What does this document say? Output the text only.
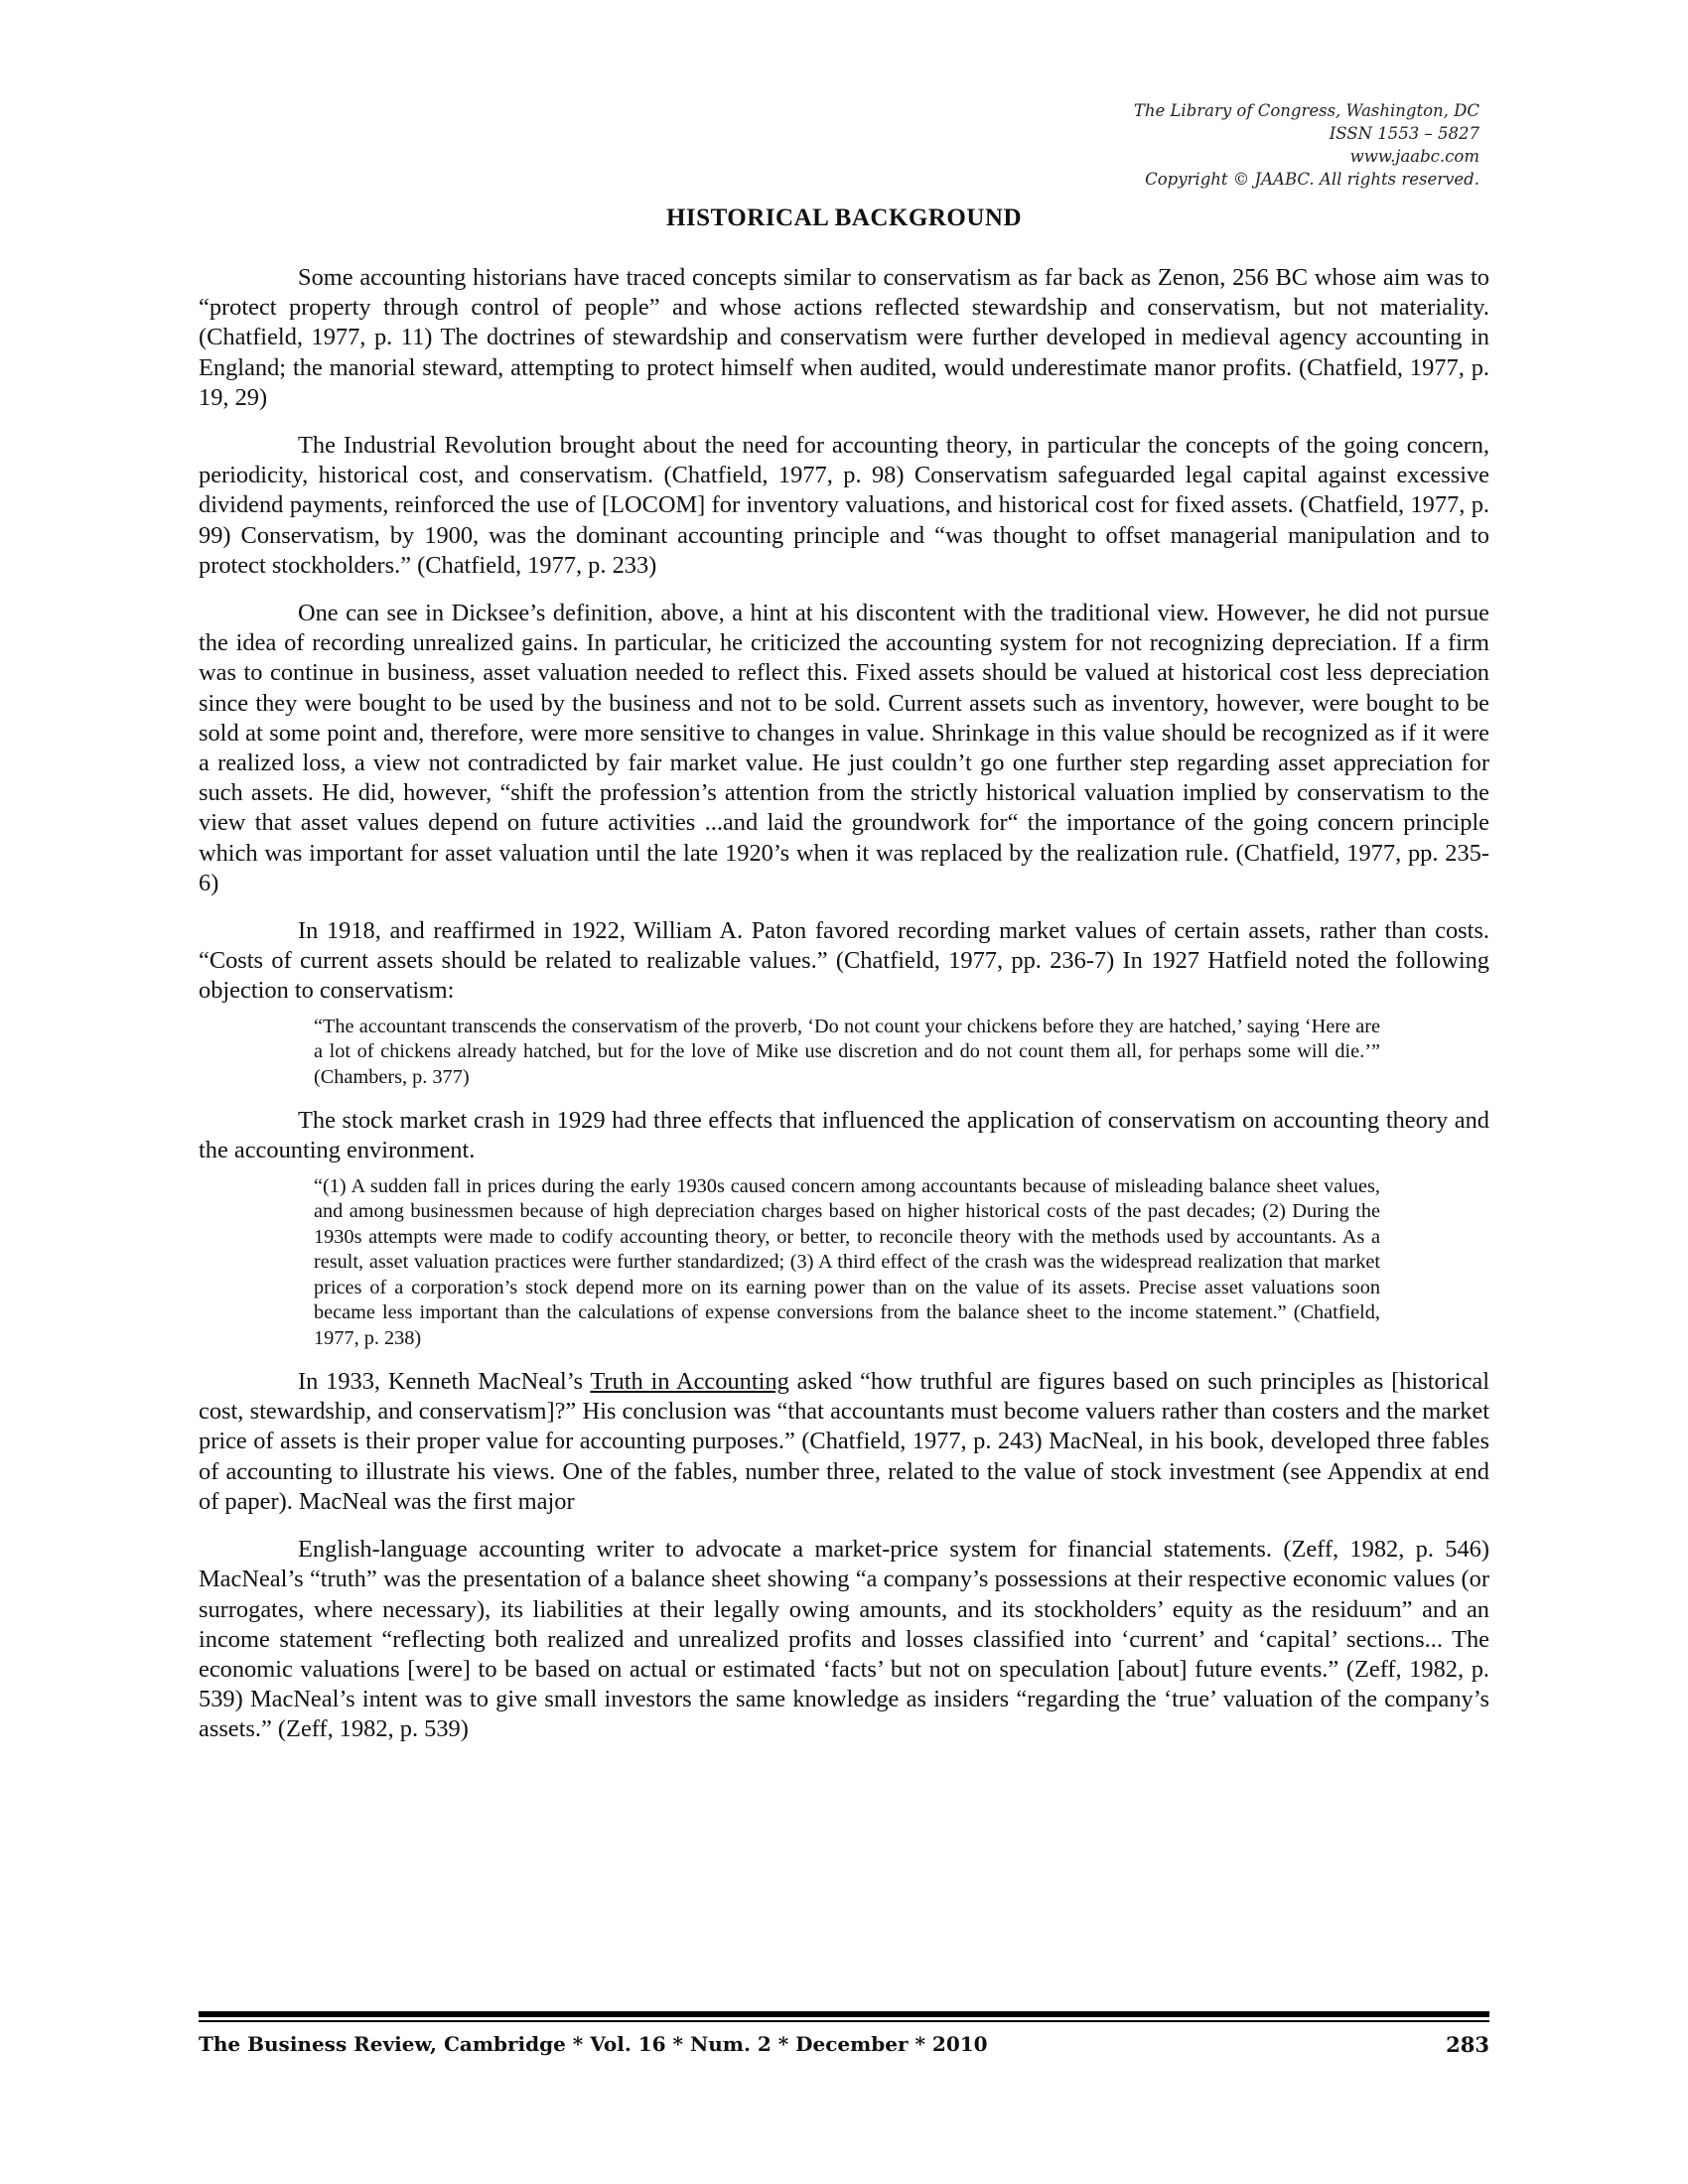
The Library of Congress, Washington, DC
ISSN 1553 – 5827
www.jaabc.com
Copyright © JAABC. All rights reserved.
HISTORICAL BACKGROUND

Some accounting historians have traced concepts similar to conservatism as far back as Zenon, 256 BC whose aim was to “protect property through control of people” and whose actions reflected stewardship and conservatism, but not materiality. (Chatfield, 1977, p. 11) The doctrines of stewardship and conservatism were further developed in medieval agency accounting in England; the manorial steward, attempting to protect himself when audited, would underestimate manor profits. (Chatfield, 1977, p. 19, 29)

The Industrial Revolution brought about the need for accounting theory, in particular the concepts of the going concern, periodicity, historical cost, and conservatism. (Chatfield, 1977, p. 98) Conservatism safeguarded legal capital against excessive dividend payments, reinforced the use of [LOCOM] for inventory valuations, and historical cost for fixed assets. (Chatfield, 1977, p. 99) Conservatism, by 1900, was the dominant accounting principle and “was thought to offset managerial manipulation and to protect stockholders.” (Chatfield, 1977, p. 233)

One can see in Dicksee’s definition, above, a hint at his discontent with the traditional view. However, he did not pursue the idea of recording unrealized gains. In particular, he criticized the accounting system for not recognizing depreciation. If a firm was to continue in business, asset valuation needed to reflect this. Fixed assets should be valued at historical cost less depreciation since they were bought to be used by the business and not to be sold. Current assets such as inventory, however, were bought to be sold at some point and, therefore, were more sensitive to changes in value. Shrinkage in this value should be recognized as if it were a realized loss, a view not contradicted by fair market value. He just couldn’t go one further step regarding asset appreciation for such assets. He did, however, “shift the profession’s attention from the strictly historical valuation implied by conservatism to the view that asset values depend on future activities ...and laid the groundwork for“ the importance of the going concern principle which was important for asset valuation until the late 1920’s when it was replaced by the realization rule. (Chatfield, 1977, pp. 235-6)

In 1918, and reaffirmed in 1922, William A. Paton favored recording market values of certain assets, rather than costs. “Costs of current assets should be related to realizable values.” (Chatfield, 1977, pp. 236-7) In 1927 Hatfield noted the following objection to conservatism:

“The accountant transcends the conservatism of the proverb, ‘Do not count your chickens before they are hatched,’ saying ‘Here are a lot of chickens already hatched, but for the love of Mike use discretion and do not count them all, for perhaps some will die.’” (Chambers, p. 377)

The stock market crash in 1929 had three effects that influenced the application of conservatism on accounting theory and the accounting environment.

“(1) A sudden fall in prices during the early 1930s caused concern among accountants because of misleading balance sheet values, and among businessmen because of high depreciation charges based on higher historical costs of the past decades; (2) During the 1930s attempts were made to codify accounting theory, or better, to reconcile theory with the methods used by accountants. As a result, asset valuation practices were further standardized; (3) A third effect of the crash was the widespread realization that market prices of a corporation’s stock depend more on its earning power than on the value of its assets. Precise asset valuations soon became less important than the calculations of expense conversions from the balance sheet to the income statement.” (Chatfield, 1977, p. 238)

In 1933, Kenneth MacNeal’s Truth in Accounting asked “how truthful are figures based on such principles as [historical cost, stewardship, and conservatism]?” His conclusion was “that accountants must become valuers rather than costers and the market price of assets is their proper value for accounting purposes.” (Chatfield, 1977, p. 243) MacNeal, in his book, developed three fables of accounting to illustrate his views. One of the fables, number three, related to the value of stock investment (see Appendix at end of paper). MacNeal was the first major

English-language accounting writer to advocate a market-price system for financial statements. (Zeff, 1982, p. 546) MacNeal’s “truth” was the presentation of a balance sheet showing “a company’s possessions at their respective economic values (or surrogates, where necessary), its liabilities at their legally owing amounts, and its stockholders’ equity as the residuum” and an income statement “reflecting both realized and unrealized profits and losses classified into ‘current’ and ‘capital’ sections... The economic valuations [were] to be based on actual or estimated ‘facts’ but not on speculation [about] future events.” (Zeff, 1982, p. 539) MacNeal’s intent was to give small investors the same knowledge as insiders “regarding the ‘true’ valuation of the company’s assets.” (Zeff, 1982, p. 539)

The Business Review, Cambridge * Vol. 16 * Num. 2 * December * 2010	283
